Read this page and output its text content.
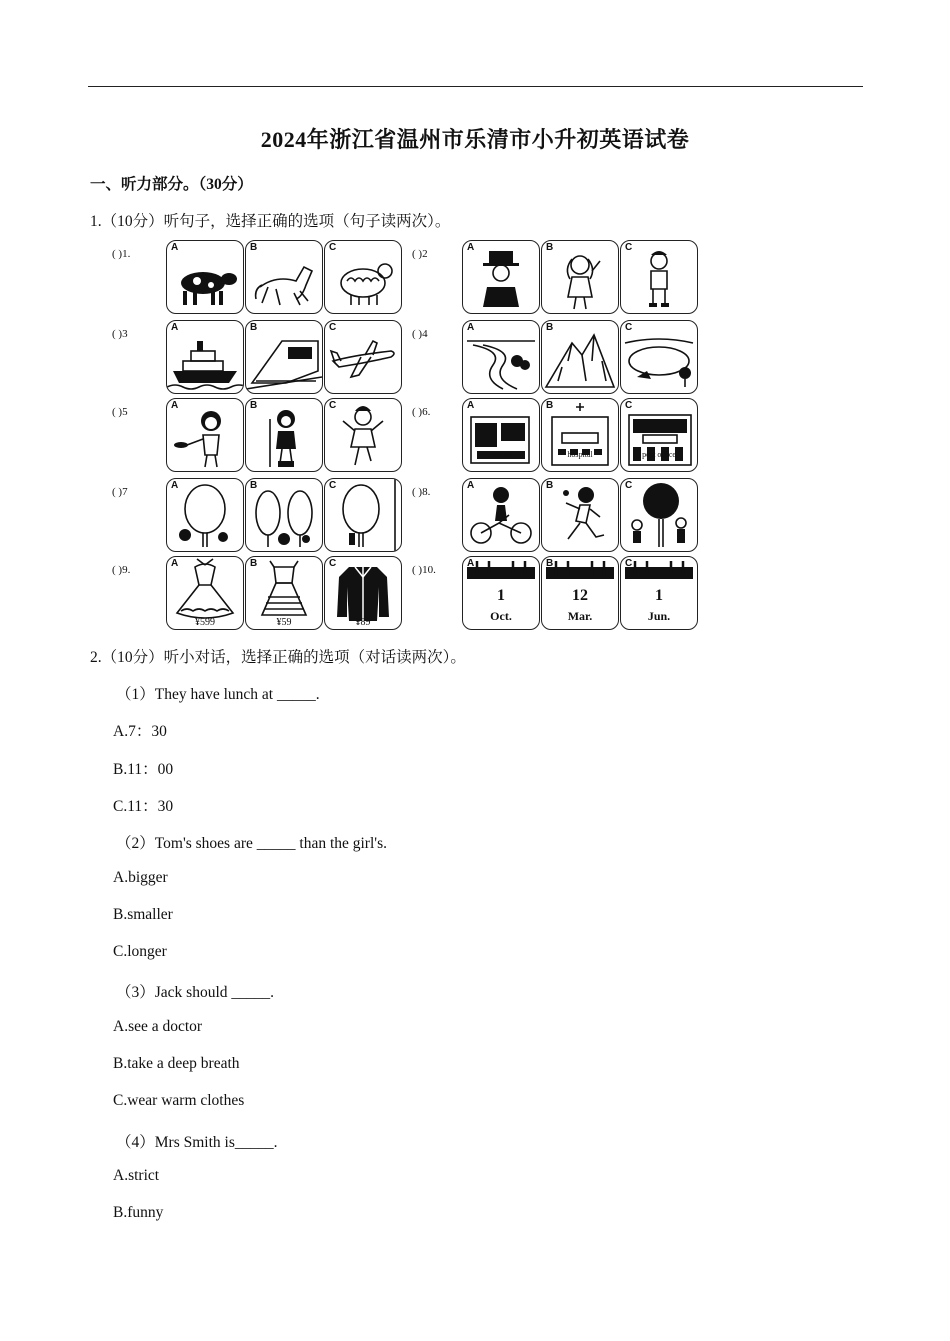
2024年浙江省温州市乐清市小升初英语试卷
一、听力部分。（30分）
1.（10分）听句子，选择正确的选项（句子读两次）。
( )1.
A	B	C
( )2
A	B	C
( )3
A	B	C
( )4
A	B	C
( )5
A	B	C
( )6.
A
cinema
B
hospital
C
post office
( )7
A	B	C
( )8.
A	B	C
( )9.
A
¥599
B
¥59
C
¥89
( )10.
A
1
Oct.
B
12
Mar.
C
1
Jun.
2.（10分）听小对话，选择正确的选项（对话读两次）。
（1）They have lunch at _____.
A.7：30
B.11：00
C.11：30
（2）Tom's shoes are _____ than the girl's.
A.bigger
B.smaller
C.longer
（3）Jack should _____.
A.see a doctor
B.take a deep breath
C.wear warm clothes
（4）Mrs Smith is_____.
A.strict
B.funny
